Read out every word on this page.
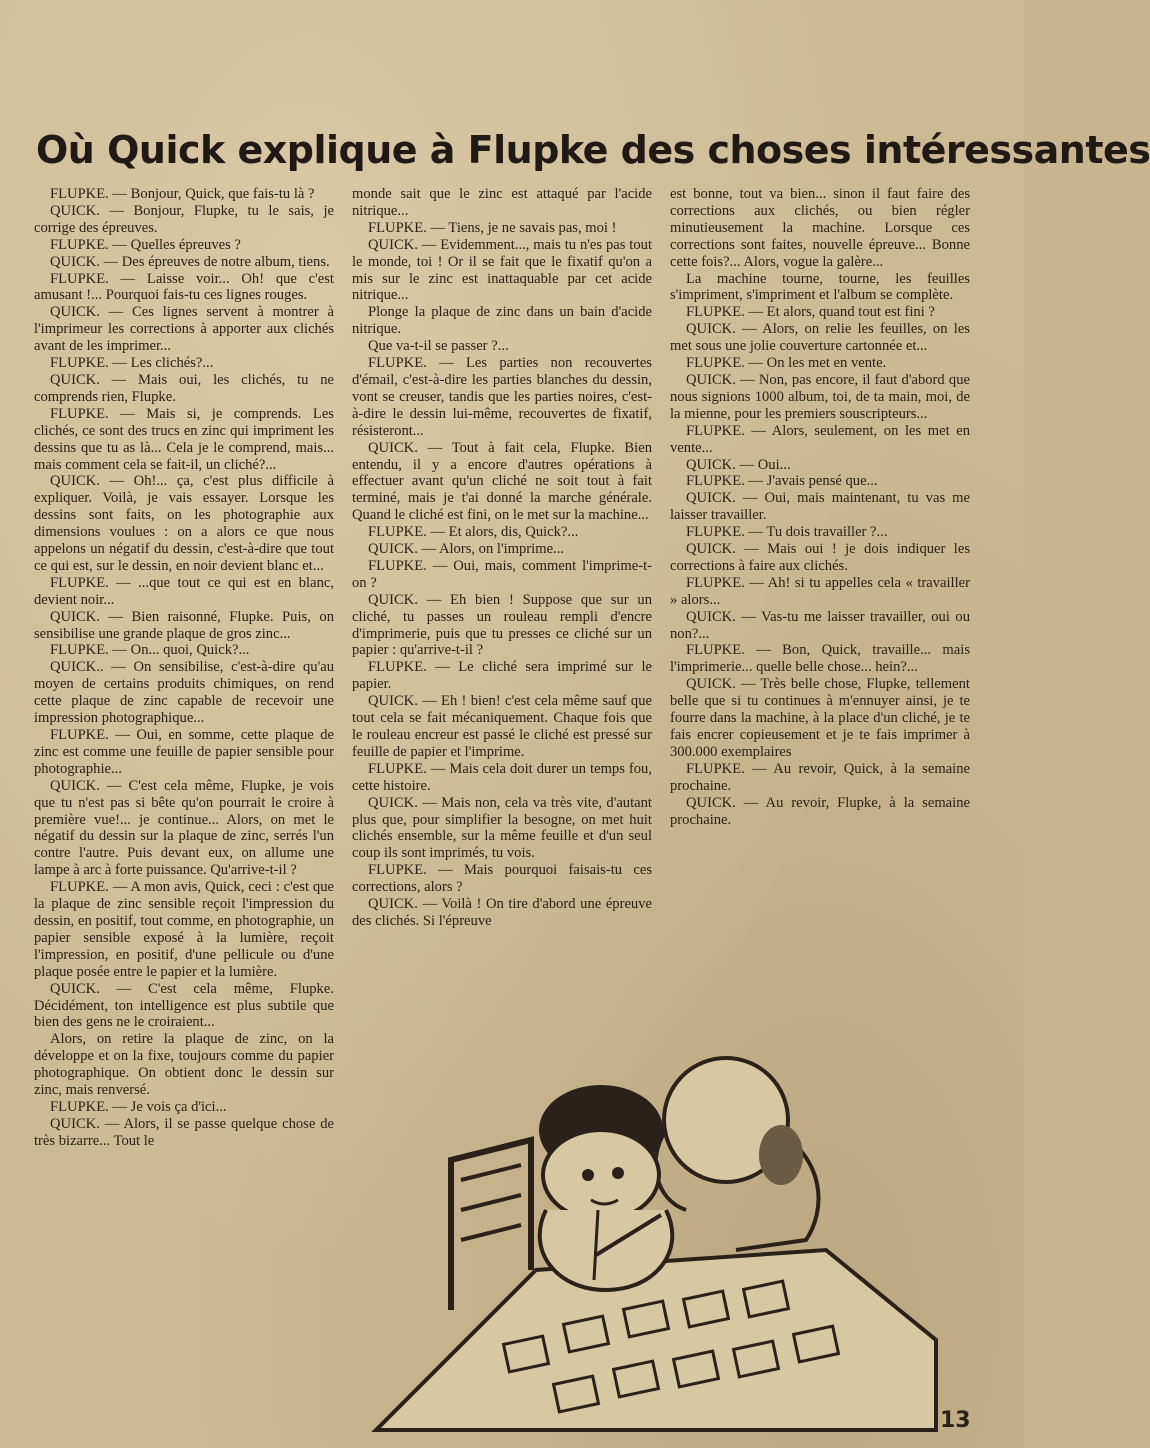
Où Quick explique à Flupke des choses intéressantes

FLUPKE. — Bonjour, Quick, que fais-tu là ?

QUICK. — Bonjour, Flupke, tu le sais, je corrige des épreuves.

FLUPKE. — Quelles épreuves ?

QUICK. — Des épreuves de notre album, tiens.

FLUPKE. — Laisse voir... Oh! que c'est amusant !... Pourquoi fais-tu ces lignes rouges.

QUICK. — Ces lignes servent à montrer à l'imprimeur les corrections à apporter aux clichés avant de les imprimer...

FLUPKE. — Les clichés?...

QUICK. — Mais oui, les clichés, tu ne comprends rien, Flupke.

FLUPKE. — Mais si, je comprends. Les clichés, ce sont des trucs en zinc qui impriment les dessins que tu as là... Cela je le comprend, mais... mais comment cela se fait-il, un cliché?...

QUICK. — Oh!... ça, c'est plus difficile à expliquer. Voilà, je vais essayer. Lorsque les dessins sont faits, on les photographie aux dimensions voulues : on a alors ce que nous appelons un négatif du dessin, c'est-à-dire que tout ce qui est, sur le dessin, en noir devient blanc et...

FLUPKE. — ...que tout ce qui est en blanc, devient noir...

QUICK. — Bien raisonné, Flupke. Puis, on sensibilise une grande plaque de gros zinc...

FLUPKE. — On... quoi, Quick?...

QUICK.. — On sensibilise, c'est-à-dire qu'au moyen de certains produits chimiques, on rend cette plaque de zinc capable de recevoir une impression photographique...

FLUPKE. — Oui, en somme, cette plaque de zinc est comme une feuille de papier sensible pour photographie...

QUICK. — C'est cela même, Flupke, je vois que tu n'est pas si bête qu'on pourrait le croire à première vue!... je continue... Alors, on met le négatif du dessin sur la plaque de zinc, serrés l'un contre l'autre. Puis devant eux, on allume une lampe à arc à forte puissance. Qu'arrive-t-il ?

FLUPKE. — A mon avis, Quick, ceci : c'est que la plaque de zinc sensible reçoit l'impression du dessin, en positif, tout comme, en photographie, un papier sensible exposé à la lumière, reçoit l'impression, en positif, d'une pellicule ou d'une plaque posée entre le papier et la lumière.

QUICK. — C'est cela même, Flupke. Décidément, ton intelligence est plus subtile que bien des gens ne le croiraient...

Alors, on retire la plaque de zinc, on la développe et on la fixe, toujours comme du papier photographique. On obtient donc le dessin sur zinc, mais renversé.

FLUPKE. — Je vois ça d'ici...

QUICK. — Alors, il se passe quelque chose de très bizarre... Tout le

monde sait que le zinc est attaqué par l'acide nitrique...

FLUPKE. — Tiens, je ne savais pas, moi !

QUICK. — Evidemment..., mais tu n'es pas tout le monde, toi ! Or il se fait que le fixatif qu'on a mis sur le zinc est inattaquable par cet acide nitrique...

Plonge la plaque de zinc dans un bain d'acide nitrique.

Que va-t-il se passer ?...

FLUPKE. — Les parties non recouvertes d'émail, c'est-à-dire les parties blanches du dessin, vont se creuser, tandis que les parties noires, c'est-à-dire le dessin lui-même, recouvertes de fixatif, résisteront...

QUICK. — Tout à fait cela, Flupke. Bien entendu, il y a encore d'autres opérations à effectuer avant qu'un cliché ne soit tout à fait terminé, mais je t'ai donné la marche générale. Quand le cliché est fini, on le met sur la machine...

FLUPKE. — Et alors, dis, Quick?...

QUICK. — Alors, on l'imprime...

FLUPKE. — Oui, mais, comment l'imprime-t-on ?

QUICK. — Eh bien ! Suppose que sur un cliché, tu passes un rouleau rempli d'encre d'imprimerie, puis que tu presses ce cliché sur un papier : qu'arrive-t-il ?

FLUPKE. — Le cliché sera imprimé sur le papier.

QUICK. — Eh ! bien! c'est cela même sauf que tout cela se fait mécaniquement. Chaque fois que le rouleau encreur est passé le cliché est pressé sur feuille de papier et l'imprime.

FLUPKE. — Mais cela doit durer un temps fou, cette histoire.

QUICK. — Mais non, cela va très vite, d'autant plus que, pour simplifier la besogne, on met huit clichés ensemble, sur la même feuille et d'un seul coup ils sont imprimés, tu vois.

FLUPKE. — Mais pourquoi faisais-tu ces corrections, alors ?

QUICK. — Voilà ! On tire d'abord une épreuve des clichés. Si l'épreuve

est bonne, tout va bien... sinon il faut faire des corrections aux clichés, ou bien régler minutieusement la machine. Lorsque ces corrections sont faites, nouvelle épreuve... Bonne cette fois?... Alors, vogue la galère...

La machine tourne, tourne, les feuilles s'impriment, s'impriment et l'album se complète.

FLUPKE. — Et alors, quand tout est fini ?

QUICK. — Alors, on relie les feuilles, on les met sous une jolie couverture cartonnée et...

FLUPKE. — On les met en vente.

QUICK. — Non, pas encore, il faut d'abord que nous signions 1000 album, toi, de ta main, moi, de la mienne, pour les premiers souscripteurs...

FLUPKE. — Alors, seulement, on les met en vente...

QUICK. — Oui...

FLUPKE. — J'avais pensé que...

QUICK. — Oui, mais maintenant, tu vas me laisser travailler.

FLUPKE. — Tu dois travailler ?...

QUICK. — Mais oui ! je dois indiquer les corrections à faire aux clichés.

FLUPKE. — Ah! si tu appelles cela « travailler » alors...

QUICK. — Vas-tu me laisser travailler, oui ou non?...

FLUPKE. — Bon, Quick, travaille... mais l'imprimerie... quelle belle chose... hein?...

QUICK. — Très belle chose, Flupke, tellement belle que si tu continues à m'ennuyer ainsi, je te fourre dans la machine, à la place d'un cliché, je te fais encrer copieusement et je te fais imprimer à 300.000 exemplaires

FLUPKE. — Au revoir, Quick, à la semaine prochaine.

QUICK. — Au revoir, Flupke, à la semaine prochaine.

13
